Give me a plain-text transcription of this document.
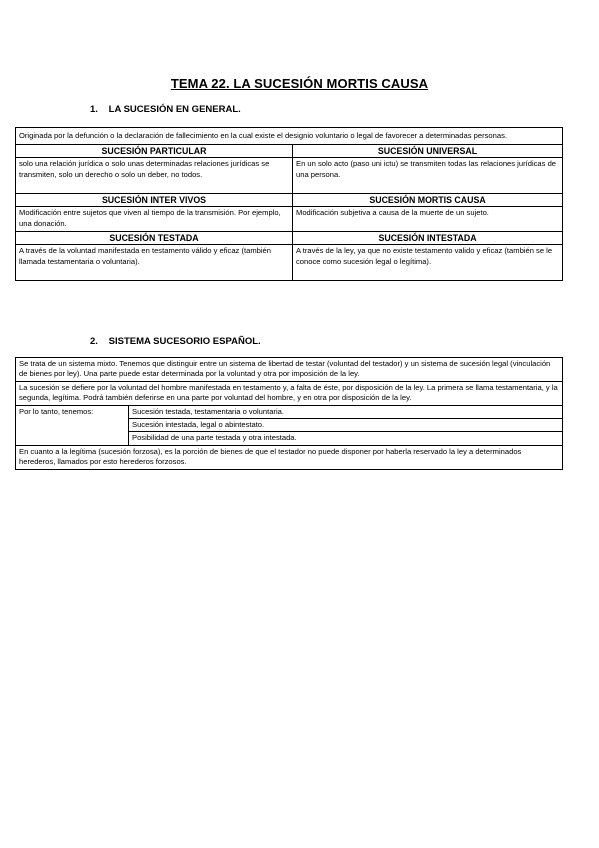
TEMA 22. LA SUCESIÓN MORTIS CAUSA
1. LA SUCESIÓN EN GENERAL.
Originada por la defunción o la declaración de fallecimiento en la cual existe el designio voluntario o legal de favorecer a determinadas personas.	
SUCESIÓN PARTICULAR	SUCESIÓN UNIVERSAL
solo una relación jurídica o solo unas determinadas relaciones jurídicas se transmiten, solo un derecho o solo un deber, no todos.	En un solo acto (paso uni ictu) se transmiten todas las relaciones jurídicas de una persona.
SUCESIÓN INTER VIVOS	SUCESIÓN MORTIS CAUSA
Modificación entre sujetos que viven al tiempo de la transmisión. Por ejemplo, una donación.	Modificación subjetiva a causa de la muerte de un sujeto.
SUCESIÓN TESTADA	SUCESIÓN INTESTADA
A través de la voluntad manifestada en testamento válido y eficaz (también llamada testamentaria o voluntaria).	A través de la ley, ya que no existe testamento valido y eficaz (también se le conoce como sucesión legal o legítima).
2. SISTEMA SUCESORIO ESPAÑOL.
Se trata de un sistema mixto. Tenemos que distinguir entre un sistema de libertad de testar (voluntad del testador) y un sistema de sucesión legal (vinculación de bienes por ley). Una parte puede estar determinada por la voluntad y otra por imposición de la ley.
La sucesión se defiere por la voluntad del hombre manifestada en testamento y, a falta de éste, por disposición de la ley. La primera se llama testamentaria, y la segunda, legítima. Podrá también deferirse en una parte por voluntad del hombre, y en otra por disposición de la ley.
Por lo tanto, tenemos:	Sucesión testada, testamentaria o voluntaria.
Sucesión intestada, legal o abintestato.
Posibilidad de una parte testada y otra intestada.
En cuanto a la legítima (sucesión forzosa), es la porción de bienes de que el testador no puede disponer por haberla reservado la ley a determinados herederos, llamados por esto herederos forzosos.
